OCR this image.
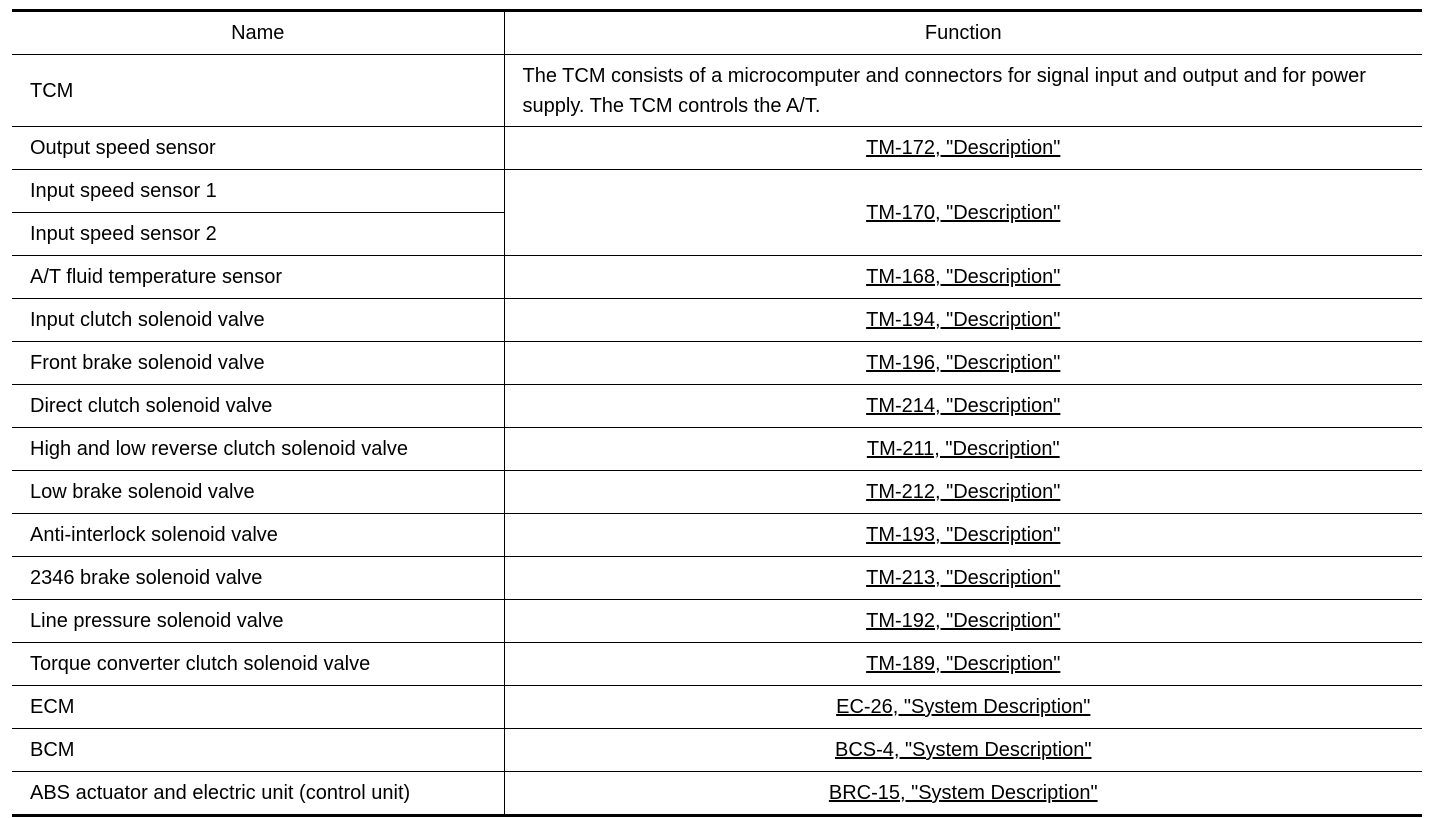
Name	Function
TCM	The TCM consists of a microcomputer and connectors for signal input and output and for power supply. The TCM controls the A/T.
Output speed sensor	TM-172, "Description"
Input speed sensor 1	TM-170, "Description"
Input speed sensor 2	
A/T fluid temperature sensor	TM-168, "Description"
Input clutch solenoid valve	TM-194, "Description"
Front brake solenoid valve	TM-196, "Description"
Direct clutch solenoid valve	TM-214, "Description"
High and low reverse clutch solenoid valve	TM-211, "Description"
Low brake solenoid valve	TM-212, "Description"
Anti-interlock solenoid valve	TM-193, "Description"
2346 brake solenoid valve	TM-213, "Description"
Line pressure solenoid valve	TM-192, "Description"
Torque converter clutch solenoid valve	TM-189, "Description"
ECM	EC-26, "System Description"
BCM	BCS-4, "System Description"
ABS actuator and electric unit (control unit)	BRC-15, "System Description"
